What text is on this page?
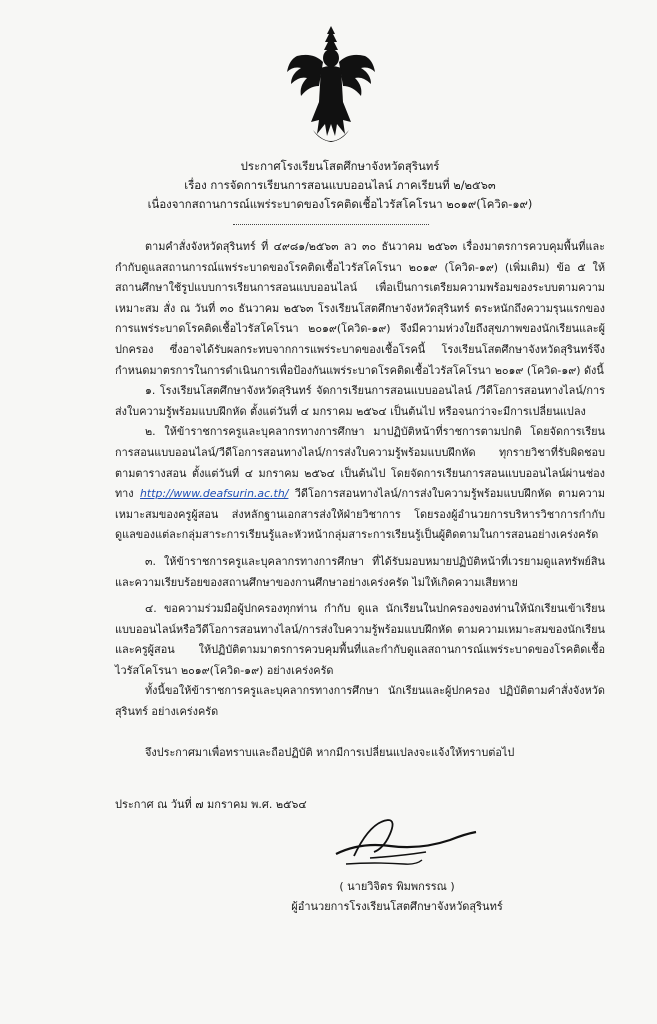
ประกาศโรงเรียนโสตศึกษาจังหวัดสุรินทร์
เรื่อง การจัดการเรียนการสอนแบบออนไลน์ ภาคเรียนที่ ๒/๒๕๖๓
เนื่องจากสถานการณ์แพร่ระบาดของโรคติดเชื้อไวรัสโคโรนา ๒๐๑๙(โควิด-๑๙)

ตามคำสั่งจังหวัดสุรินทร์ ที่ ๔๙๘๑/๒๕๖๓ ลว ๓๐ ธันวาคม ๒๕๖๓ เรื่องมาตรการควบคุมพื้นที่และกำกับดูแลสถานการณ์แพร่ระบาดของโรคติดเชื้อไวรัสโคโรนา ๒๐๑๙ (โควิด-๑๙) (เพิ่มเติม) ข้อ ๕ ให้สถานศึกษาใช้รูปแบบการเรียนการสอนแบบออนไลน์ เพื่อเป็นการเตรียมความพร้อมของระบบตามความเหมาะสม สั่ง ณ วันที่ ๓๐ ธันวาคม ๒๕๖๓ โรงเรียนโสตศึกษาจังหวัดสุรินทร์ ตระหนักถึงความรุนแรกของการแพร่ระบาดโรคติดเชื้อไวรัสโคโรนา ๒๐๑๙(โควิด-๑๙) จึงมีความห่วงใยถึงสุขภาพของนักเรียนและผู้ปกครอง ซึ่งอาจได้รับผลกระทบจากการแพร่ระบาดของเชื้อโรคนี้ โรงเรียนโสตศึกษาจังหวัดสุรินทร์จึงกำหนดมาตรการในการดำเนินการเพื่อป้องกันแพร่ระบาดโรคติดเชื้อไวรัสโคโรนา ๒๐๑๙ (โควิด-๑๙) ดังนี้

๑. โรงเรียนโสตศึกษาจังหวัดสุรินทร์ จัดการเรียนการสอนแบบออนไลน์ /วีดีโอการสอนทางไลน์/การส่งใบความรู้พร้อมแบบฝึกหัด ตั้งแต่วันที่ ๔ มกราคม ๒๕๖๔ เป็นต้นไป หรือจนกว่าจะมีการเปลี่ยนแปลง

๒. ให้ข้าราชการครูและบุคลากรทางการศึกษา มาปฏิบัติหน้าที่ราชการตามปกติ โดยจัดการเรียนการสอนแบบออนไลน์/วีดีโอการสอนทางไลน์/การส่งใบความรู้พร้อมแบบฝึกหัด ทุกรายวิชาที่รับผิดชอบตามตารางสอน ตั้งแต่วันที่ ๔ มกราคม ๒๕๖๔ เป็นต้นไป โดยจัดการเรียนการสอนแบบออนไลน์ผ่านช่องทาง http://www.deafsurin.ac.th/ วีดีโอการสอนทางไลน์/การส่งใบความรู้พร้อมแบบฝึกหัด ตามความเหมาะสมของครูผู้สอน ส่งหลักฐานเอกสารส่งให้ฝ่ายวิชาการ โดยรองผู้อำนวยการบริหารวิชาการกำกับดูแลของแต่ละกลุ่มสาระการเรียนรู้และหัวหน้ากลุ่มสาระการเรียนรู้เป็นผู้ติดตามในการสอนอย่างเคร่งครัด

๓. ให้ข้าราชการครูและบุคลากรทางการศึกษา ที่ได้รับมอบหมายปฏิบัติหน้าที่เวรยามดูแลทรัพย์สินและความเรียบร้อยของสถานศึกษาของกานศึกษาอย่างเคร่งครัด ไม่ให้เกิดความเสียหาย

๔. ขอความร่วมมือผู้ปกครองทุกท่าน กำกับ ดูแล นักเรียนในปกครองของท่านให้นักเรียนเข้าเรียนแบบออนไลน์หรือวีดีโอการสอนทางไลน์/การส่งใบความรู้พร้อมแบบฝึกหัด ตามความเหมาะสมของนักเรียนและครูผู้สอน ให้ปฏิบัติตามมาตรการควบคุมพื้นที่และกำกับดูแลสถานการณ์แพร่ระบาดของโรคติดเชื้อไวรัสโคโรนา ๒๐๑๙(โควิด-๑๙) อย่างเคร่งครัด

ทั้งนี้ขอให้ข้าราชการครูและบุคลากรทางการศึกษา นักเรียนและผู้ปกครอง ปฏิบัติตามคำสั่งจังหวัดสุรินทร์ อย่างเคร่งครัด

จึงประกาศมาเพื่อทราบและถือปฏิบัติ หากมีการเปลี่ยนแปลงจะแจ้งให้ทราบต่อไป

ประกาศ ณ วันที่ ๗ มกราคม พ.ศ. ๒๕๖๔
( นายวิจิตร พิมพกรรณ )
ผู้อำนวยการโรงเรียนโสตศึกษาจังหวัดสุรินทร์
